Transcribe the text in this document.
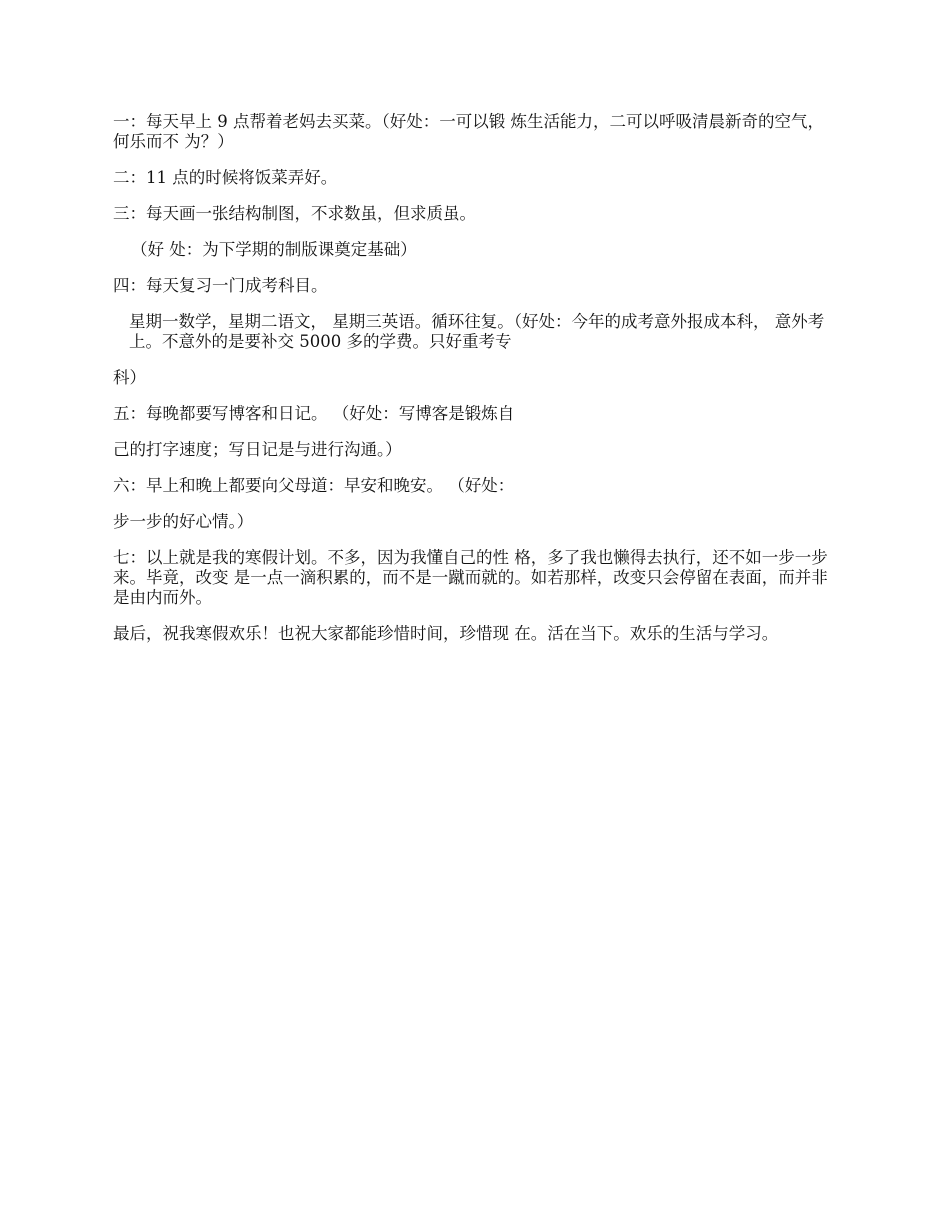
一：每天早上 9 点帮着老妈去买菜。（好处：一可以锻 炼生活能力，二可以呼吸清晨新奇的空气，何乐而不 为？）

二：11 点的时候将饭菜弄好。

三：每天画一张结构制图，不求数虽，但求质虽。

（好 处：为下学期的制版课奠定基础）

四：每天复习一门成考科目。

星期一数学，星期二语文， 星期三英语。循环往复。（好处：今年的成考意外报成本科， 意外考上。不意外的是要补交 5000 多的学费。只好重考专

科）

五：每晚都要写博客和日记。 （好处：写博客是锻炼自

己的打字速度；写日记是与进行沟通。）

六：早上和晚上都要向父母道：早安和晚安。 （好处：

步一步的好心情。）

七：以上就是我的寒假计划。不多，因为我懂自己的性 格，多了我也懒得去执行，还不如一步一步来。毕竟，改变 是一点一滴积累的，而不是一蹴而就的。如若那样，改变只会停留在表面，而并非是由内而外。

最后，祝我寒假欢乐！也祝大家都能珍惜时间，珍惜现 在。活在当下。欢乐的生活与学习。
